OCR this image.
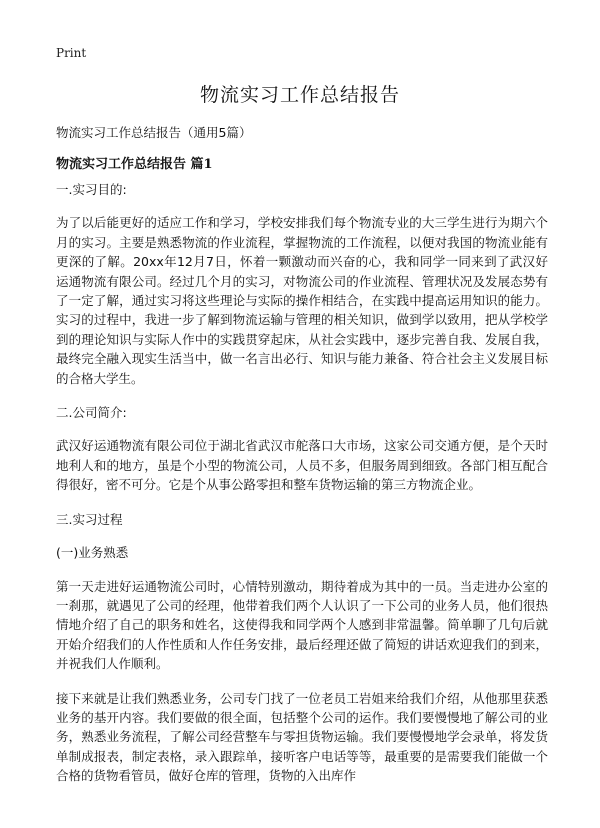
Print
物流实习工作总结报告

物流实习工作总结报告（通用5篇）

物流实习工作总结报告 篇1

一.实习目的:

为了以后能更好的适应工作和学习，学校安排我们每个物流专业的大三学生进行为期六个月的实习。主要是熟悉物流的作业流程，掌握物流的工作流程，以便对我国的物流业能有更深的了解。20xx年12月7日，怀着一颗激动而兴奋的心，我和同学一同来到了武汉好运通物流有限公司。经过几个月的实习，对物流公司的作业流程、管理状况及发展态势有了一定了解，通过实习将这些理论与实际的操作相结合，在实践中提高运用知识的能力。实习的过程中，我进一步了解到物流运输与管理的相关知识，做到学以致用，把从学校学到的理论知识与实际人作中的实践贯穿起床，从社会实践中，逐步完善自我、发展自我，最终完全融入现实生活当中，做一名言出必行、知识与能力兼备、符合社会主义发展目标的合格大学生。

二.公司简介:

武汉好运通物流有限公司位于湖北省武汉市舵落口大市场，这家公司交通方便，是个天时地利人和的地方，虽是个小型的物流公司，人员不多，但服务周到细致。各部门相互配合得很好，密不可分。它是个从事公路零担和整车货物运输的第三方物流企业。

三.实习过程

(一)业务熟悉

第一天走进好运通物流公司时，心情特别激动，期待着成为其中的一员。当走进办公室的一刹那，就遇见了公司的经理，他带着我们两个人认识了一下公司的业务人员，他们很热情地介绍了自己的职务和姓名，这使得我和同学两个人感到非常温馨。简单聊了几句后就开始介绍我们的人作性质和人作任务安排，最后经理还做了简短的讲话欢迎我们的到来，并祝我们人作顺利。

接下来就是让我们熟悉业务，公司专门找了一位老员工岩姐来给我们介绍，从他那里获悉业务的基开内容。我们要做的很全面，包括整个公司的运作。我们要慢慢地了解公司的业务，熟悉业务流程，了解公司经营整车与零担货物运输。我们要慢慢地学会录单，将发货单制成报表，制定表格，录入跟踪单，接听客户电话等等，最重要的是需要我们能做一个合格的货物看管员，做好仓库的管理，货物的入出库作
